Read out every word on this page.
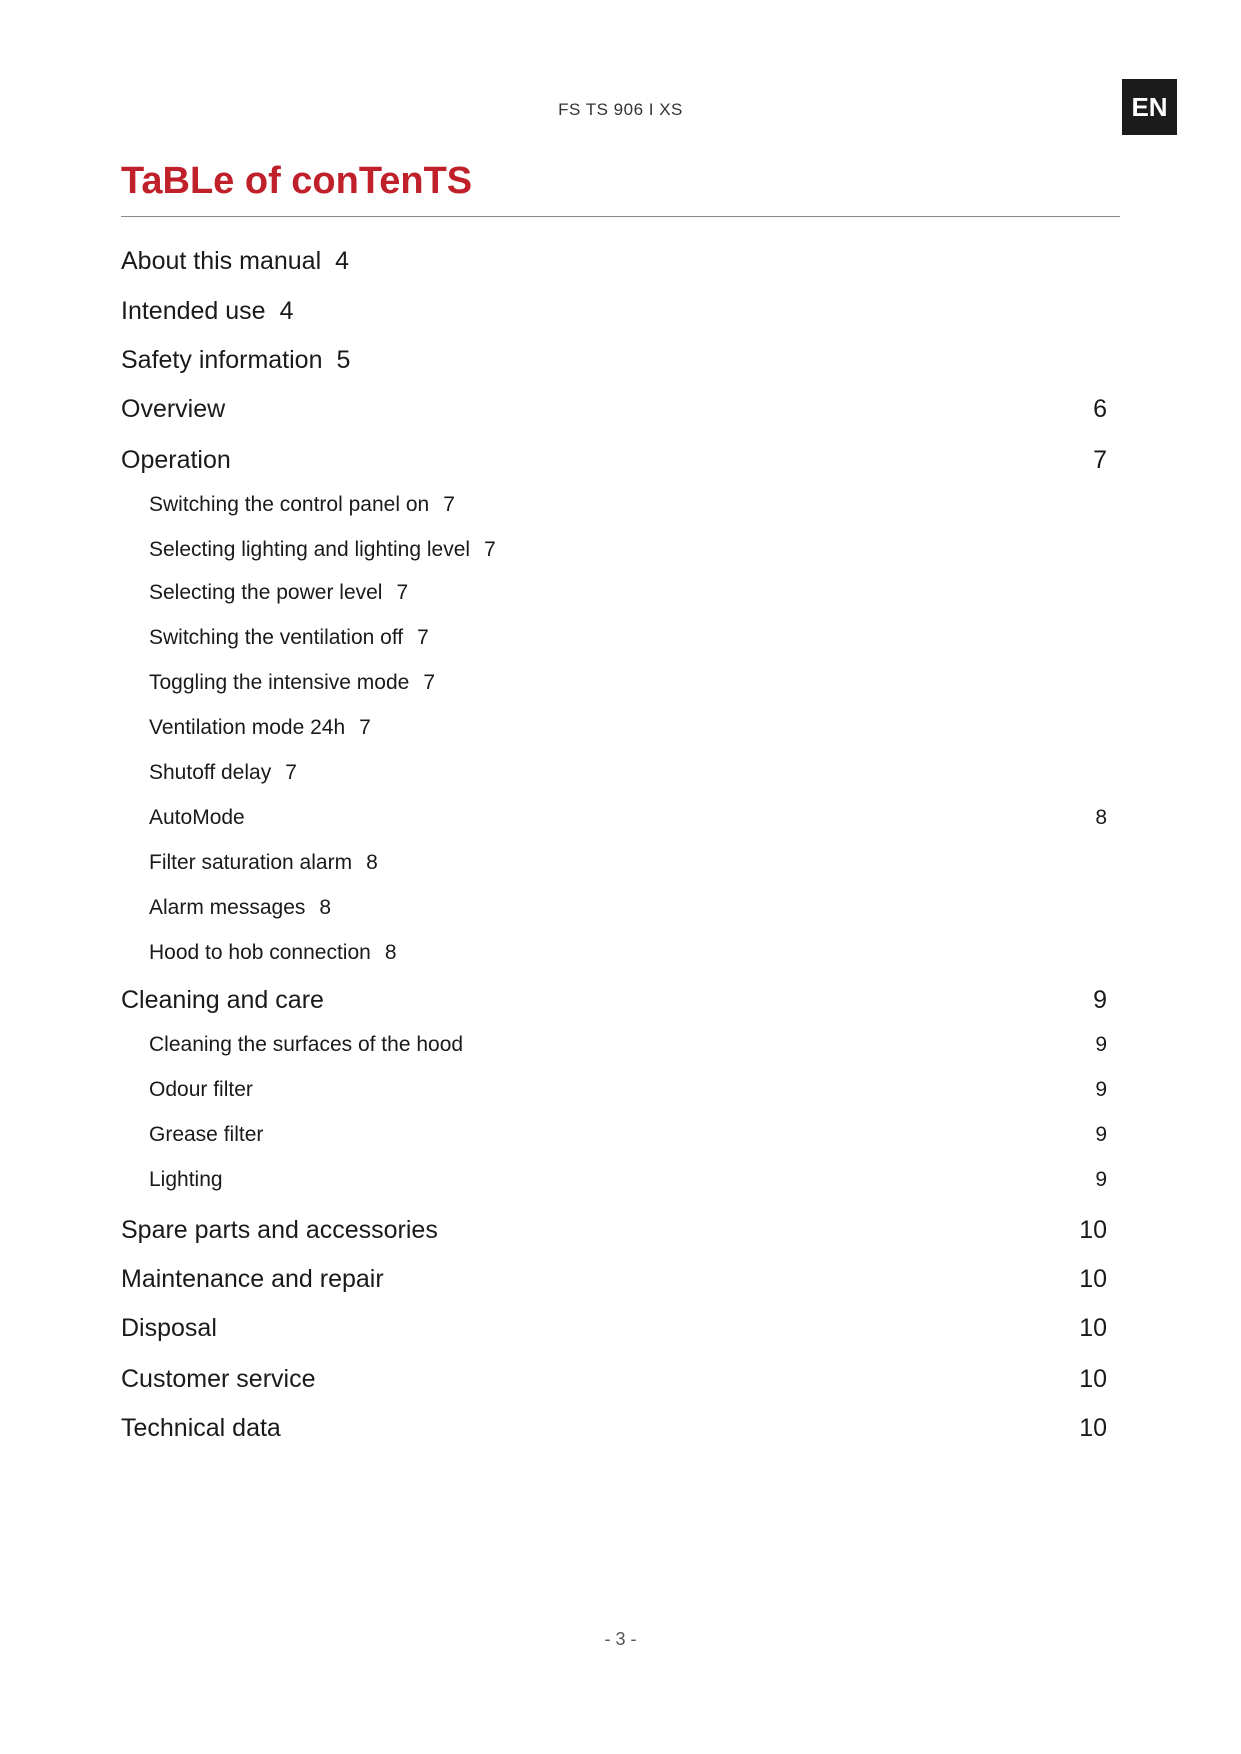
FS TS 906 I XS	EN
TaBLe of conTenTS
About this manual 4
Intended use 4
Safety information 5
Overview	6
Operation	7
Switching the control panel on 7
Selecting lighting and lighting level 7
Selecting the power level 7
Switching the ventilation off 7
Toggling the intensive mode 7
Ventilation mode 24h 7
Shutoff delay 7
AutoMode	8
Filter saturation alarm 8
Alarm messages 8
Hood to hob connection 8
Cleaning and care	9
Cleaning the surfaces of the hood	9
Odour filter	9
Grease filter	9
Lighting	9
Spare parts and accessories	10
Maintenance and repair	10
Disposal	10
Customer service	10
Technical data	10
- 3 -
